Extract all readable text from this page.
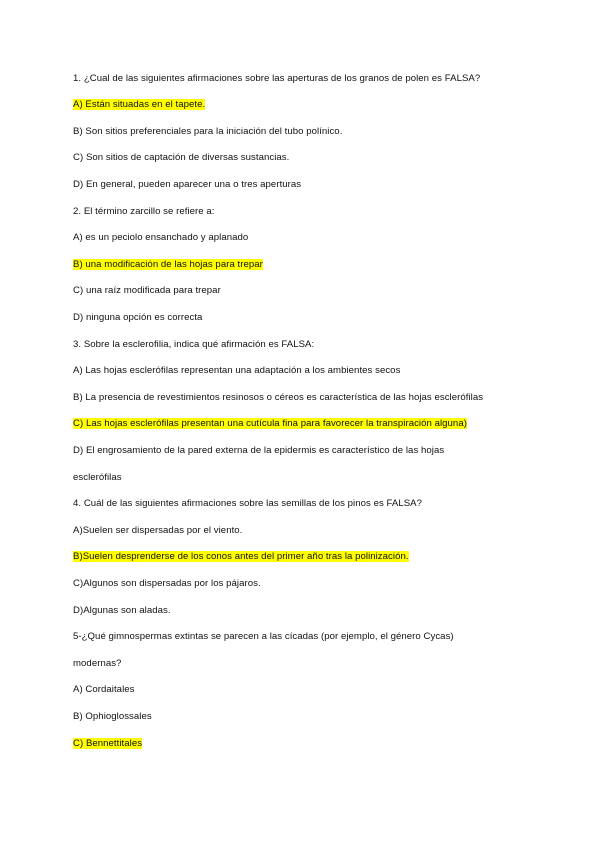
1. ¿Cual de las siguientes afirmaciones sobre las aperturas de los granos de polen es FALSA?
A) Están situadas en el tapete.
B) Son sitios preferenciales para la iniciación del tubo polínico.
C) Son sitios de captación de diversas sustancias.
D) En general, pueden aparecer una o tres aperturas
2. El término zarcillo se refiere a:
A) es un peciolo ensanchado y aplanado
B) una modificación de las hojas para trepar
C) una raíz modificada para trepar
D) ninguna opción es correcta
3. Sobre la esclerofilia, indica qué afirmación es FALSA:
A) Las hojas esclerófilas representan una adaptación a los ambientes secos
B) La presencia de revestimientos resinosos o céreos es característica de las hojas esclerófilas
C) Las hojas esclerófilas presentan una cutícula fina para favorecer la transpiración alguna)
D) El engrosamiento de la pared externa de la epidermis es característico de las hojas
esclerófilas
4. Cuál de las siguientes afirmaciones sobre las semillas de los pinos es FALSA?
A)Suelen ser dispersadas por el viento.
B)Suelen desprenderse de los conos antes del primer año tras la polinización.
C)Algunos son dispersadas por los pájaros.
D)Algunas son aladas.
5-¿Qué gimnospermas extintas se parecen a las cícadas (por ejemplo, el género Cycas)
modernas?
A) Cordaitales
B) Ophioglossales
C) Bennettitales
